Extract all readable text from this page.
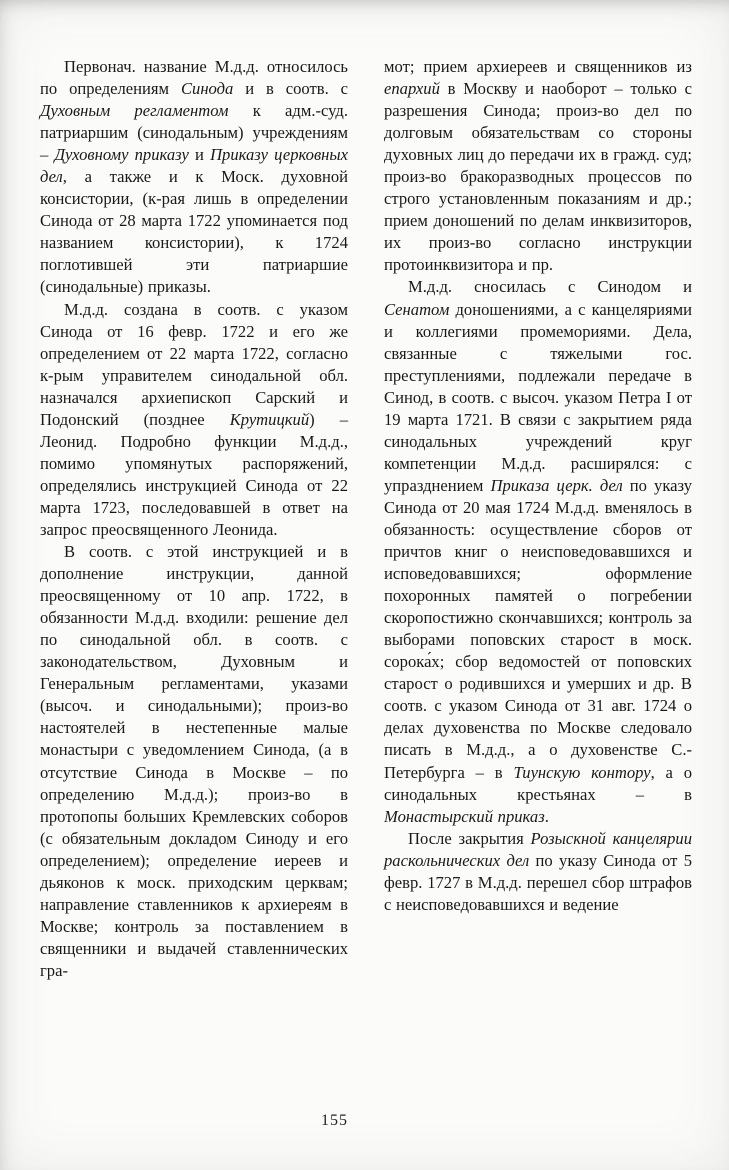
Первонач. название М.д.д. относилось по определениям Синода и в соотв. с Духовным регламентом к адм.-суд. патриаршим (синодальным) учреждениям – Духовному приказу и Приказу церковных дел, а также и к Моск. духовной консистории, (к-рая лишь в определении Синода от 28 марта 1722 упоминается под названием консистории), к 1724 поглотившей эти патриаршие (синодальные) приказы.

М.д.д. создана в соотв. с указом Синода от 16 февр. 1722 и его же определением от 22 марта 1722, согласно к-рым управителем синодальной обл. назначался архиепископ Сарский и Подонский (позднее Крутицкий) – Леонид. Подробно функции М.д.д., помимо упомянутых распоряжений, определялись инструкцией Синода от 22 марта 1723, последовавшей в ответ на запрос преосвященного Леонида.

В соотв. с этой инструкцией и в дополнение инструкции, данной преосвященному от 10 апр. 1722, в обязанности М.д.д. входили: решение дел по синодальной обл. в соотв. с законодательством, Духовным и Генеральным регламентами, указами (высоч. и синодальными); произ-во настоятелей в нестепенные малые монастыри с уведомлением Синода, (а в отсутствие Синода в Москве – по определению М.д.д.); произ-во в протопопы больших Кремлевских соборов (с обязательным докладом Синоду и его определением); определение иереев и дьяконов к моск. приходским церквам; направление ставленников к архиереям в Москве; контроль за поставлением в священники и выдачей ставленнических гра-

мот; прием архиереев и священников из епархий в Москву и наоборот – только с разрешения Синода; произ-во дел по долговым обязательствам со стороны духовных лиц до передачи их в гражд. суд; произ-во бракоразводных процессов по строго установленным показаниям и др.; прием доношений по делам инквизиторов, их произ-во согласно инструкции протоинквизитора и пр.

М.д.д. сносилась с Синодом и Сенатом доношениями, а с канцеляриями и коллегиями промемориями. Дела, связанные с тяжелыми гос. преступлениями, подлежали передаче в Синод, в соотв. с высоч. указом Петра I от 19 марта 1721. В связи с закрытием ряда синодальных учреждений круг компетенции М.д.д. расширялся: с упразднением Приказа церк. дел по указу Синода от 20 мая 1724 М.д.д. вменялось в обязанность: осуществление сборов от причтов книг о неисповедовавшихся и исповедовавшихся; оформление похоронных памятей о погребении скоропостижно скончавшихся; контроль за выборами поповских старост в моск. сорока́х; сбор ведомостей от поповских старост о родившихся и умерших и др. В соотв. с указом Синода от 31 авг. 1724 о делах духовенства по Москве следовало писать в М.д.д., а о духовенстве С.-Петербурга – в Тиунскую контору, а о синодальных крестьянах – в Монастырский приказ.

После закрытия Розыскной канцелярии раскольнических дел по указу Синода от 5 февр. 1727 в М.д.д. перешел сбор штрафов с неисповедовавшихся и ведение

155
